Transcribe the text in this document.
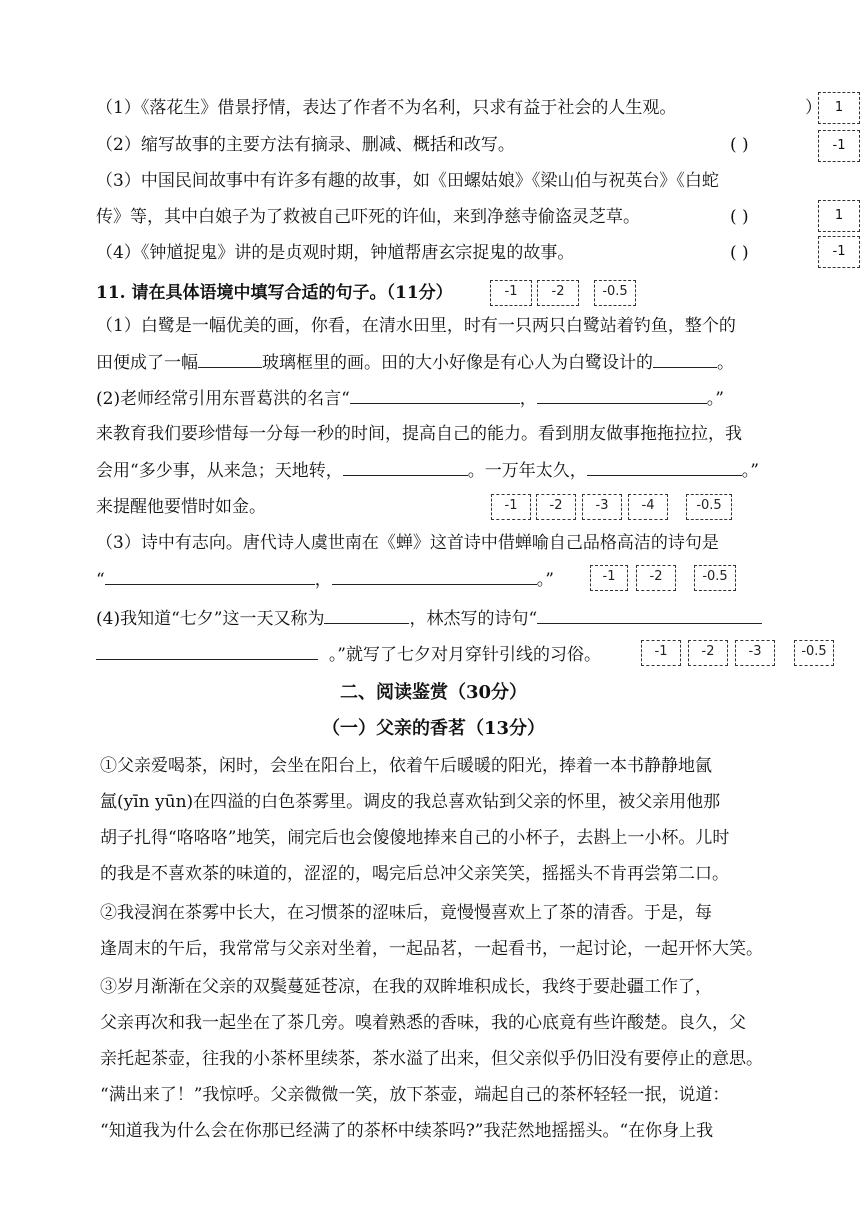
（1）《落花生》借景抒情，表达了作者不为名利，只求有益于社会的人生观。	） 1
（2）缩写故事的主要方法有摘录、删减、概括和改写。	( )	-1
（3）中国民间故事中有许多有趣的故事，如《田螺姑娘》《梁山伯与祝英台》《白蛇
传》等，其中白娘子为了救被自己吓死的许仙，来到净慈寺偷盗灵芝草。	( )	1
（4）《钟馗捉鬼》讲的是贞观时期，钟馗帮唐玄宗捉鬼的故事。	( )	-1
11. 请在具体语境中填写合适的句子。（11分）	-1	-2	-0.5
（1）白鹭是一幅优美的画，你看，在清水田里，时有一只两只白鹭站着钓鱼，整个的
田便成了一幅	玻璃框里的画。田的大小好像是有心人为白鹭设计的	。
(2)老师经常引用东晋葛洪的名言“	，	。”
来教育我们要珍惜每一分每一秒的时间，提高自己的能力。看到朋友做事拖拖拉拉，我
会用“多少事，从来急；天地转，	。一万年太久，	。”
来提醒他要惜时如金。	-1	-2	-3	-4	-0.5
（3）诗中有志向。唐代诗人虞世南在《蝉》这首诗中借蝉喻自己品格高洁的诗句是
“	，	。”	-1	-2	-0.5
(4)我知道“七夕”这一天又称为	，林杰写的诗句“
。”就写了七夕对月穿针引线的习俗。	-1	-2	-3	-0.5
二、阅读鉴赏（30分）
（一）父亲的香茗（13分）
①父亲爱喝茶，闲时，会坐在阳台上，依着午后暖暖的阳光，捧着一本书静静地氤
氲(yīn yūn)在四溢的白色茶雾里。调皮的我总喜欢钻到父亲的怀里，被父亲用他那
胡子扎得“咯咯咯”地笑，闹完后也会傻傻地捧来自己的小杯子，去斟上一小杯。儿时
的我是不喜欢茶的味道的，涩涩的，喝完后总冲父亲笑笑，摇摇头不肯再尝第二口。
②我浸润在茶雾中长大，在习惯茶的涩味后，竟慢慢喜欢上了茶的清香。于是，每
逢周末的午后，我常常与父亲对坐着，一起品茗，一起看书，一起讨论，一起开怀大笑。
③岁月渐渐在父亲的双鬓蔓延苍凉，在我的双眸堆积成长，我终于要赴疆工作了，
父亲再次和我一起坐在了茶几旁。嗅着熟悉的香味，我的心底竟有些许酸楚。良久，父
亲托起茶壶，往我的小茶杯里续茶，茶水溢了出来，但父亲似乎仍旧没有要停止的意思。
“满出来了！”我惊呼。父亲微微一笑，放下茶壶，端起自己的茶杯轻轻一抿，说道：
“知道我为什么会在你那已经满了的茶杯中续茶吗?”我茫然地摇摇头。“在你身上我
